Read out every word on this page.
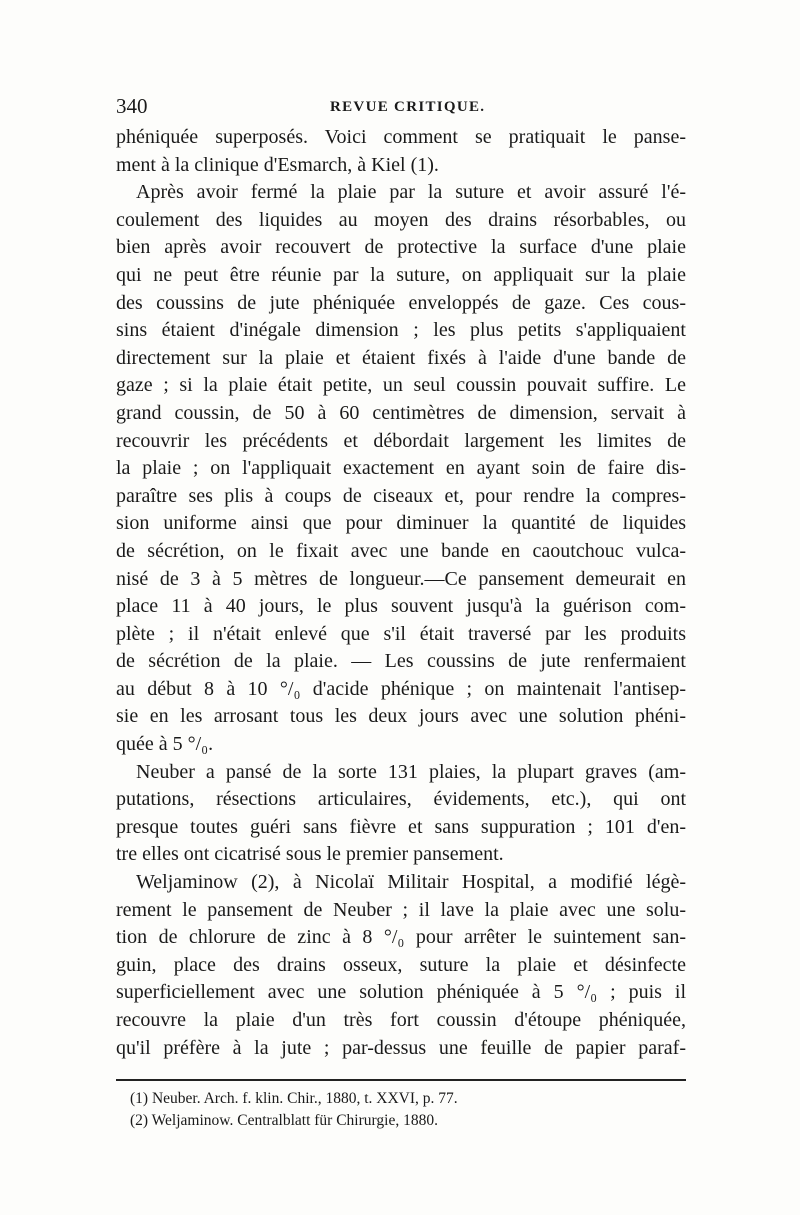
340	REVUE CRITIQUE.
phéniquée superposés. Voici comment se pratiquait le panse-
ment à la clinique d'Esmarch, à Kiel (1).
Après avoir fermé la plaie par la suture et avoir assuré l'é-
coulement des liquides au moyen des drains résorbables, ou
bien après avoir recouvert de protective la surface d'une plaie
qui ne peut être réunie par la suture, on appliquait sur la plaie
des coussins de jute phéniquée enveloppés de gaze. Ces cous-
sins étaient d'inégale dimension ; les plus petits s'appliquaient
directement sur la plaie et étaient fixés à l'aide d'une bande de
gaze ; si la plaie était petite, un seul coussin pouvait suffire. Le
grand coussin, de 50 à 60 centimètres de dimension, servait à
recouvrir les précédents et débordait largement les limites de
la plaie ; on l'appliquait exactement en ayant soin de faire dis-
paraître ses plis à coups de ciseaux et, pour rendre la compres-
sion uniforme ainsi que pour diminuer la quantité de liquides
de sécrétion, on le fixait avec une bande en caoutchouc vulca-
nisé de 3 à 5 mètres de longueur.—Ce pansement demeurait en
place 11 à 40 jours, le plus souvent jusqu'à la guérison com-
plète ; il n'était enlevé que s'il était traversé par les produits
de sécrétion de la plaie. — Les coussins de jute renfermaient
au début 8 à 10 °/₀ d'acide phénique ; on maintenait l'antisep-
sie en les arrosant tous les deux jours avec une solution phéni-
quée à 5 °/₀.
Neuber a pansé de la sorte 131 plaies, la plupart graves (am-
putations, résections articulaires, évidements, etc.), qui ont
presque toutes guéri sans fièvre et sans suppuration ; 101 d'en-
tre elles ont cicatrisé sous le premier pansement.
Weljaminow (2), à Nicolaï Militair Hospital, a modifié légè-
rement le pansement de Neuber ; il lave la plaie avec une solu-
tion de chlorure de zinc à 8 °/₀ pour arrêter le suintement san-
guin, place des drains osseux, suture la plaie et désinfecte
superficiellement avec une solution phéniquée à 5 °/₀ ; puis il
recouvre la plaie d'un très fort coussin d'étoupe phéniquée,
qu'il préfère à la jute ; par-dessus une feuille de papier paraf-
(1) Neuber. Arch. f. klin. Chir., 1880, t. XXVI, p. 77.
(2) Weljaminow. Centralblatt für Chirurgie, 1880.
